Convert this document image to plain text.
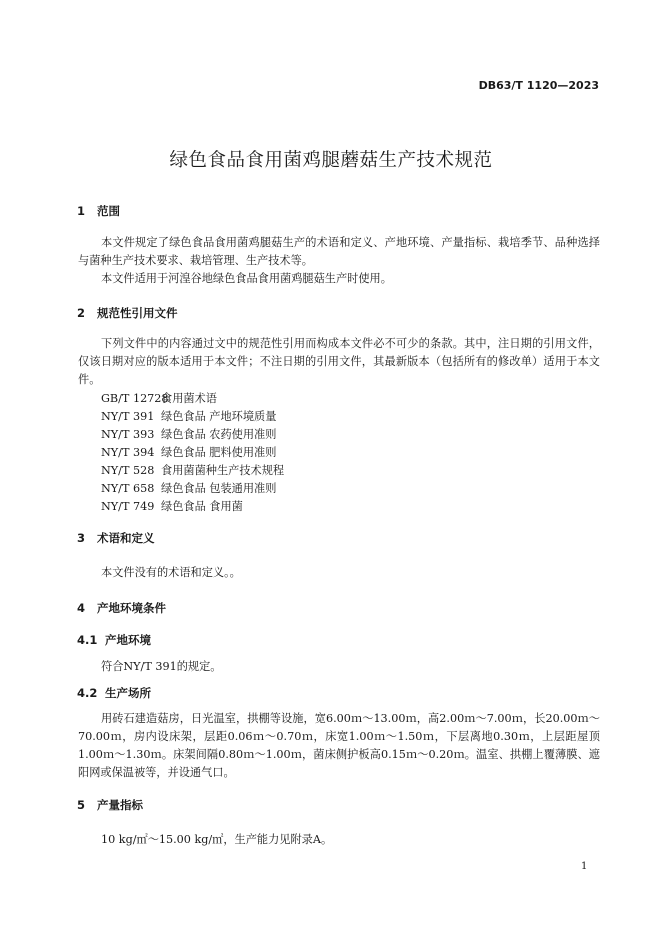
DB63/T 1120—2023
绿色食品食用菌鸡腿蘑菇生产技术规范
1 范围
本文件规定了绿色食品食用菌鸡腿菇生产的术语和定义、产地环境、产量指标、栽培季节、品种选择与菌种生产技术要求、栽培管理、生产技术等。
本文件适用于河湟谷地绿色食品食用菌鸡腿菇生产时使用。
2 规范性引用文件
下列文件中的内容通过文中的规范性引用而构成本文件必不可少的条款。其中，注日期的引用文件，仅该日期对应的版本适用于本文件；不注日期的引用文件，其最新版本（包括所有的修改单）适用于本文件。
GB/T 12728食用菌术语
NY/T 391 绿色食品 产地环境质量
NY/T 393 绿色食品 农药使用准则
NY/T 394 绿色食品 肥料使用准则
NY/T 528 食用菌菌种生产技术规程
NY/T 658 绿色食品 包装通用准则
NY/T 749 绿色食品 食用菌
3 术语和定义
本文件没有的术语和定义。。
4 产地环境条件
4.1 产地环境
符合NY/T 391的规定。
4.2 生产场所
用砖石建造菇房，日光温室，拱棚等设施，宽6.00ｍ～13.00ｍ，高2.00ｍ～7.00ｍ，长20.00ｍ～70.00ｍ，房内设床架，层距0.06ｍ～0.70ｍ，床宽1.00ｍ～1.50ｍ，下层离地0.30ｍ，上层距屋顶1.00ｍ～1.30ｍ。床架间隔0.80ｍ～1.00ｍ，菌床侧护板高0.15ｍ～0.20ｍ。温室、拱棚上覆薄膜、遮阳网或保温被等，并设通气口。
5 产量指标
10 kg/㎡～15.00 kg/㎡，生产能力见附录A。
1
